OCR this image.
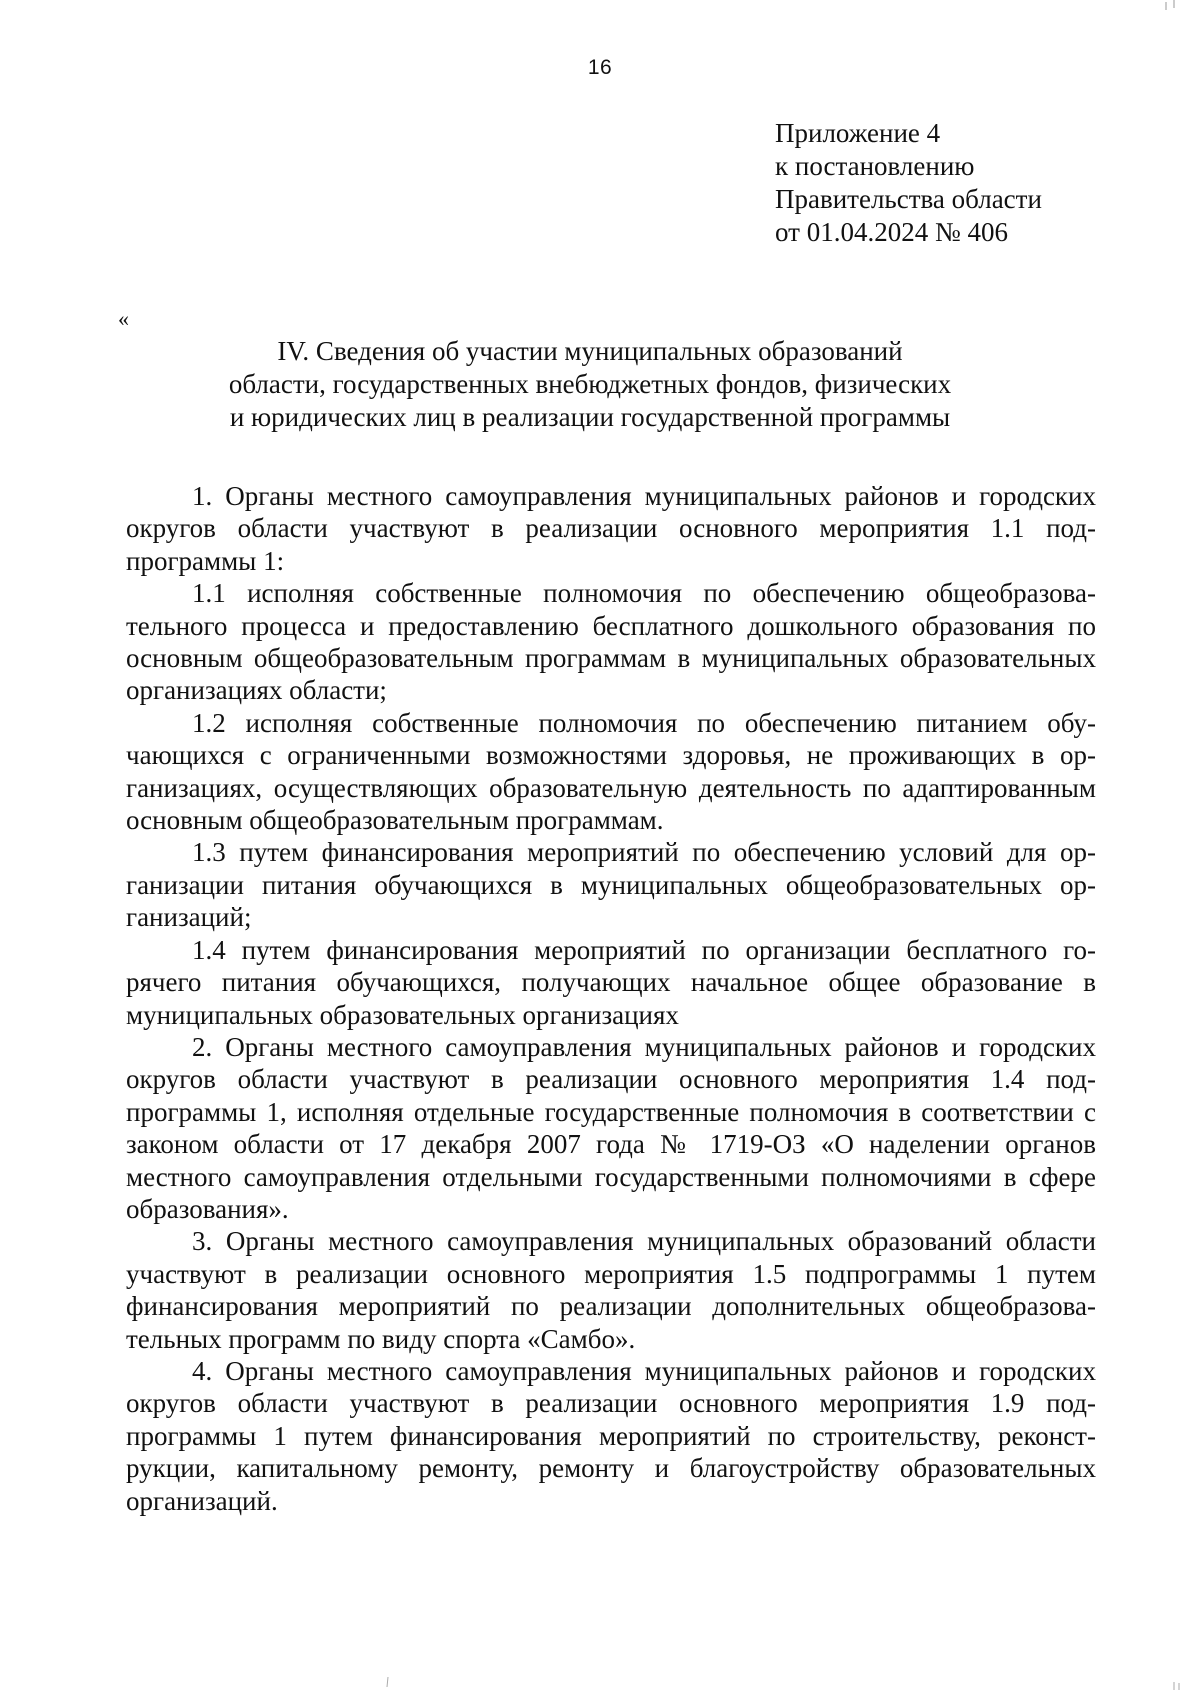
16
Приложение 4
к постановлению
Правительства области
от 01.04.2024 № 406
«
IV. Сведения об участии муниципальных образований
области, государственных внебюджетных фондов, физических
и юридических лиц в реализации государственной программы

1. Органы местного самоуправления муниципальных районов и городских округов области участвуют в реализации основного мероприятия 1.1 подпрограммы 1:

1.1 исполняя собственные полномочия по обеспечению общеобразовательного процесса и предоставлению бесплатного дошкольного образования по основным общеобразовательным программам в муниципальных образовательных организациях области;

1.2 исполняя собственные полномочия по обеспечению питанием обучающихся с ограниченными возможностями здоровья, не проживающих в организациях, осуществляющих образовательную деятельность по адаптированным основным общеобразовательным программам.

1.3 путем финансирования мероприятий по обеспечению условий для организации питания обучающихся в муниципальных общеобразовательных организаций;

1.4 путем финансирования мероприятий по организации бесплатного горячего питания обучающихся, получающих начальное общее образование в муниципальных образовательных организациях

2. Органы местного самоуправления муниципальных районов и городских округов области участвуют в реализации основного мероприятия 1.4 подпрограммы 1, исполняя отдельные государственные полномочия в соответствии с законом области от 17 декабря 2007 года № 1719-ОЗ «О наделении органов местного самоуправления отдельными государственными полномочиями в сфере образования».

3. Органы местного самоуправления муниципальных образований области участвуют в реализации основного мероприятия 1.5 подпрограммы 1 путем финансирования мероприятий по реализации дополнительных общеобразовательных программ по виду спорта «Самбо».

4. Органы местного самоуправления муниципальных районов и городских округов области участвуют в реализации основного мероприятия 1.9 подпрограммы 1 путем финансирования мероприятий по строительству, реконструкции, капитальному ремонту, ремонту и благоустройству образовательных организаций.
